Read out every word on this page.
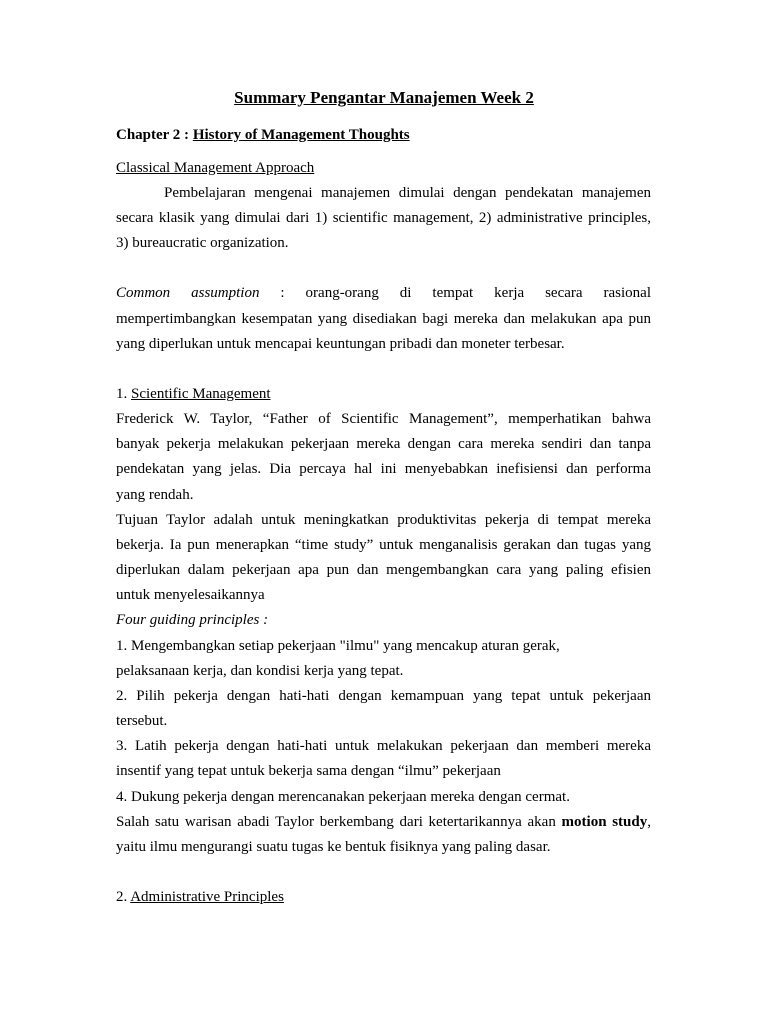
Summary Pengantar Manajemen Week 2
Chapter 2 : History of Management Thoughts
Classical Management Approach
Pembelajaran mengenai manajemen dimulai dengan pendekatan manajemen
secara klasik yang dimulai dari 1) scientific management, 2) administrative principles,
3) bureaucratic organization.
Common assumption : orang-orang di tempat kerja secara rasional
mempertimbangkan kesempatan yang disediakan bagi mereka dan melakukan apa pun
yang diperlukan untuk mencapai keuntungan pribadi dan moneter terbesar.
1. Scientific Management
Frederick W. Taylor, “Father of Scientific Management”, memperhatikan bahwa
banyak pekerja melakukan pekerjaan mereka dengan cara mereka sendiri dan tanpa
pendekatan yang jelas. Dia percaya hal ini menyebabkan inefisiensi dan performa
yang rendah.
Tujuan Taylor adalah untuk meningkatkan produktivitas pekerja di tempat mereka
bekerja. Ia pun menerapkan “time study” untuk menganalisis gerakan dan tugas yang
diperlukan dalam pekerjaan apa pun dan mengembangkan cara yang paling efisien
untuk menyelesaikannya
Four guiding principles :
1. Mengembangkan setiap pekerjaan "ilmu" yang mencakup aturan gerak,
pelaksanaan kerja, dan kondisi kerja yang tepat.
2. Pilih pekerja dengan hati-hati dengan kemampuan yang tepat untuk pekerjaan
tersebut.
3. Latih pekerja dengan hati-hati untuk melakukan pekerjaan dan memberi mereka
insentif yang tepat untuk bekerja sama dengan “ilmu” pekerjaan
4. Dukung pekerja dengan merencanakan pekerjaan mereka dengan cermat.
Salah satu warisan abadi Taylor berkembang dari ketertarikannya akan motion study,
yaitu ilmu mengurangi suatu tugas ke bentuk fisiknya yang paling dasar.
2. Administrative Principles
